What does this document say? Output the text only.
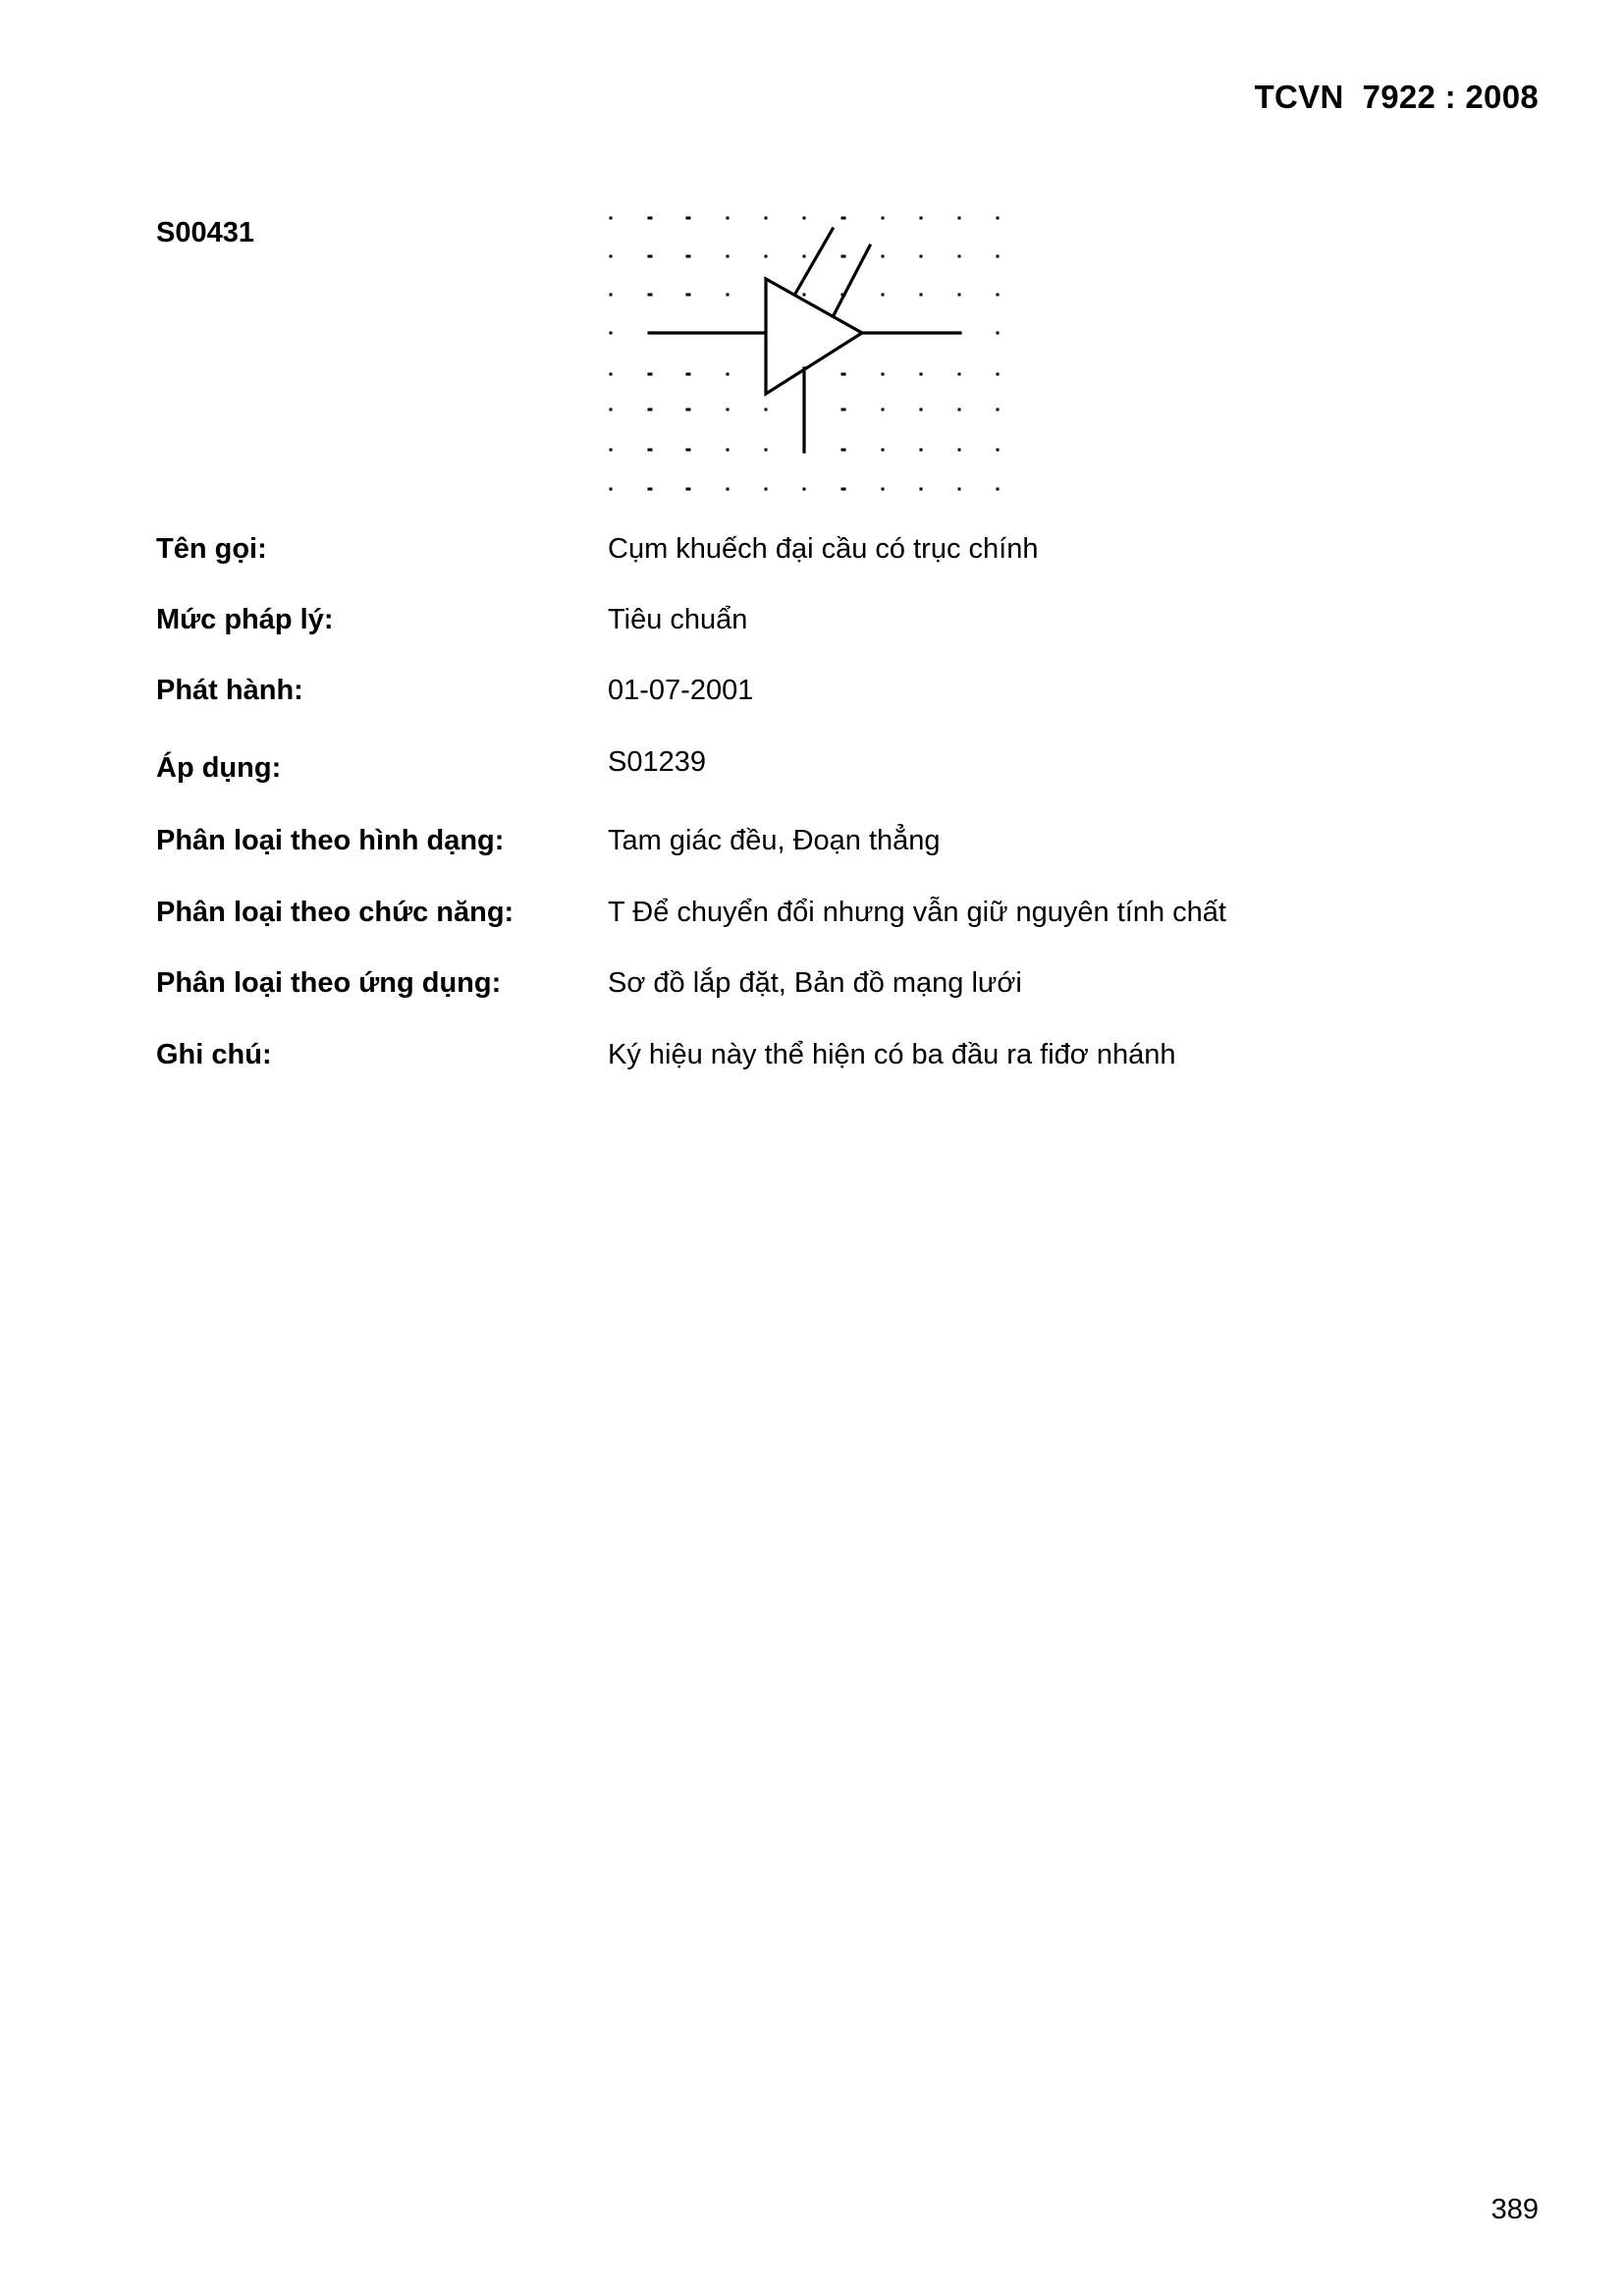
TCVN  7922 : 2008
S00431
Tên gọi:	Cụm khuếch đại cầu có trục chính
Mức pháp lý:	Tiêu chuẩn
Phát hành:	01-07-2001
Áp dụng:	S01239
Phân loại theo hình dạng:	Tam giác đều, Đoạn thẳng
Phân loại theo chức năng:	T Để chuyển đổi nhưng vẫn giữ nguyên tính chất
Phân loại theo ứng dụng:	Sơ đồ lắp đặt, Bản đồ mạng lưới
Ghi chú:	Ký hiệu này thể hiện có ba đầu ra fiđơ nhánh
389
